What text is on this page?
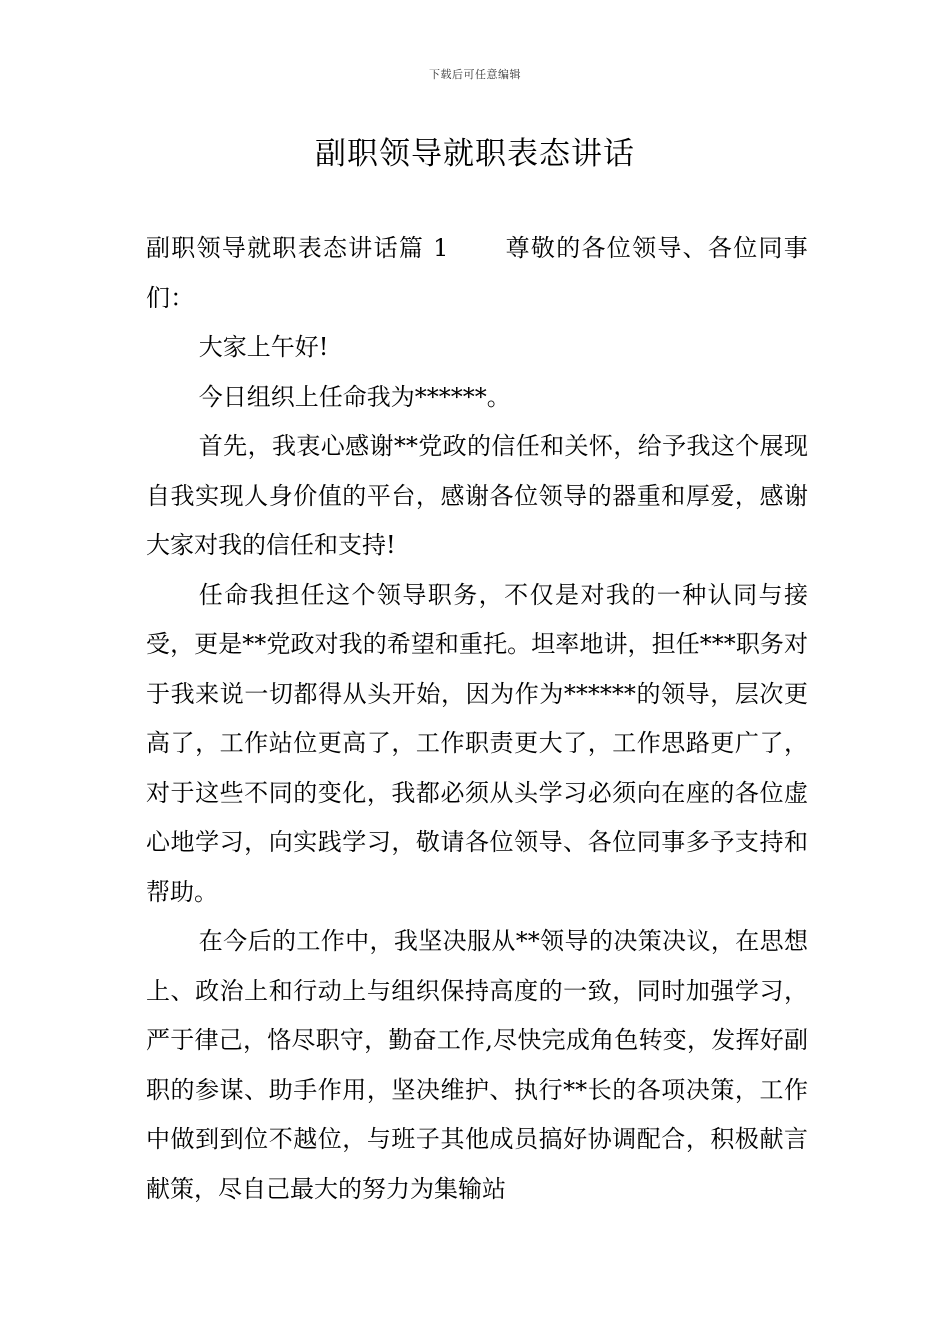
下载后可任意编辑
副职领导就职表态讲话

副职领导就职表态讲话篇 1 尊敬的各位领导、各位同事们：

大家上午好!

今日组织上任命我为******。

首先，我衷心感谢**党政的信任和关怀，给予我这个展现自我实现人身价值的平台，感谢各位领导的器重和厚爱，感谢大家对我的信任和支持!

任命我担任这个领导职务，不仅是对我的一种认同与接受，更是**党政对我的希望和重托。坦率地讲，担任***职务对于我来说一切都得从头开始，因为作为******的领导，层次更高了，工作站位更高了，工作职责更大了，工作思路更广了，对于这些不同的变化，我都必须从头学习必须向在座的各位虚心地学习，向实践学习，敬请各位领导、各位同事多予支持和帮助。

在今后的工作中，我坚决服从**领导的决策决议，在思想上、政治上和行动上与组织保持高度的一致，同时加强学习，严于律己，恪尽职守，勤奋工作,尽快完成角色转变，发挥好副职的参谋、助手作用，坚决维护、执行**长的各项决策，工作中做到到位不越位，与班子其他成员搞好协调配合，积极献言献策，尽自己最大的努力为集输站
